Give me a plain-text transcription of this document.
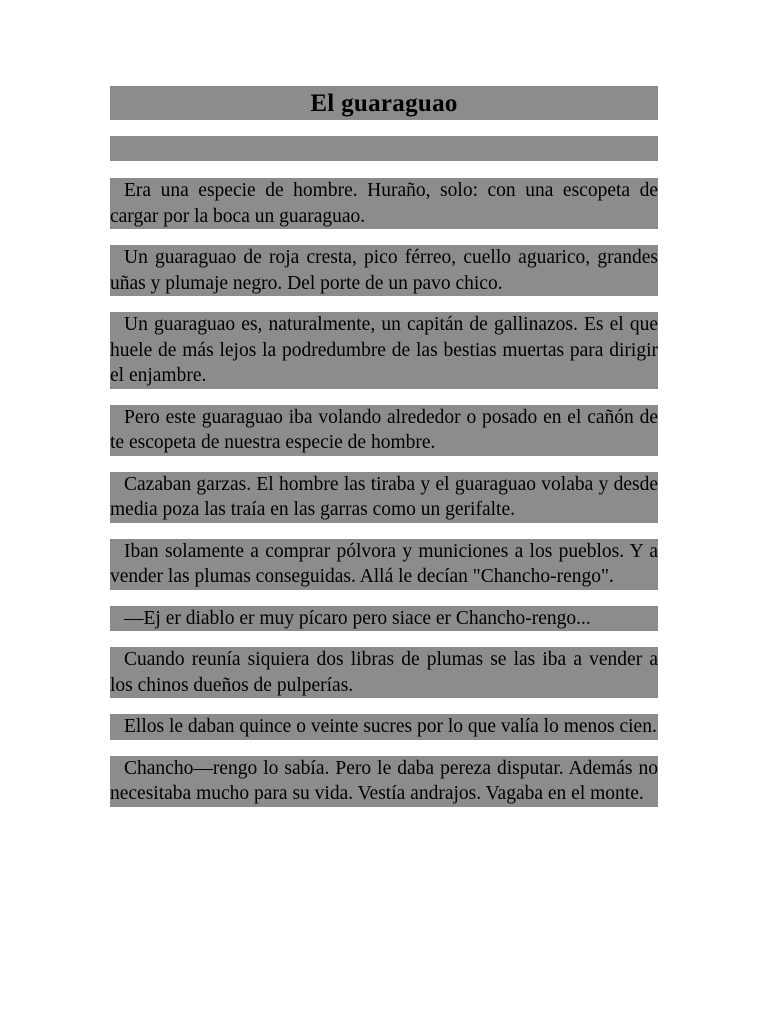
El guaraguao

Era una especie de hombre. Huraño, solo: con una escopeta de cargar por la boca un guaraguao.

Un guaraguao de roja cresta, pico férreo, cuello aguarico, grandes uñas y plumaje negro. Del porte de un pavo chico.

Un guaraguao es, naturalmente, un capitán de gallinazos. Es el que huele de más lejos la podredumbre de las bestias muertas para dirigir el enjambre.

Pero este guaraguao iba volando alrededor o posado en el cañón de te escopeta de nuestra especie de hombre.

Cazaban garzas. El hombre las tiraba y el guaraguao volaba y desde media poza las traía en las garras como un gerifalte.

Iban solamente a comprar pólvora y municiones a los pueblos. Y a vender las plumas conseguidas. Allá le decían "Chancho-rengo".

—Ej er diablo er muy pícaro pero siace er Chancho-rengo...

Cuando reunía siquiera dos libras de plumas se las iba a vender a los chinos dueños de pulperías.

Ellos le daban quince o veinte sucres por lo que valía lo menos cien.

Chancho—rengo lo sabía. Pero le daba pereza disputar. Además no necesitaba mucho para su vida. Vestía andrajos. Vagaba en el monte.
